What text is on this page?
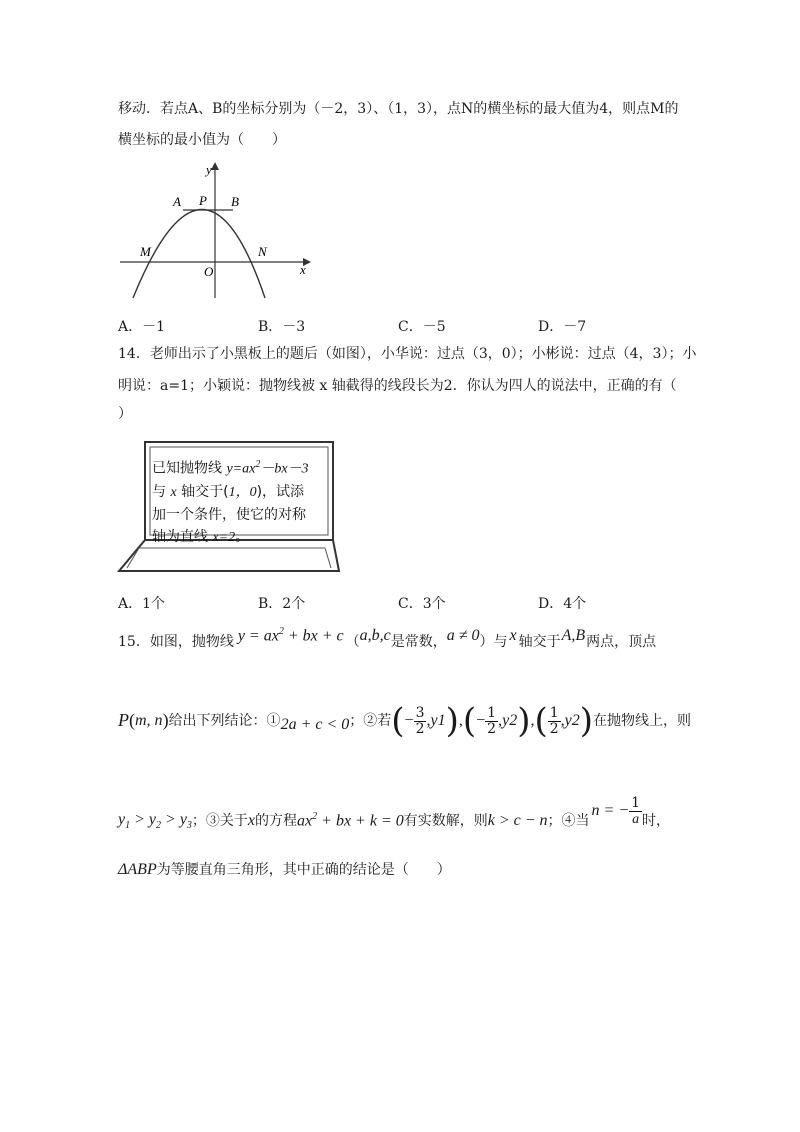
移动．若点A、B的坐标分别为（－2，3）、（1，3），点N的横坐标的最大值为4，则点M的
横坐标的最小值为（　　）
y
x
A P B
M
O
N
A．－1	B．－3	C．－5	D．－7
14．老师出示了小黑板上的题后（如图），小华说：过点（3，0）；小彬说：过点（4，3）；小
明说：a=1；小颖说：抛物线被 x 轴截得的线段长为2．你认为四人的说法中，正确的有（
）
已知抛物线 $y=ax^2-bx-3$
与 x 轴交于(1，0)，试添
加一个条件，使它的对称
轴为直线 x=2。
A．1个	B．2个	C．3个	D．4个
15．如图，抛物线 $y = ax^2$ + bx + c （ a,b,c 是常数， a ≠ 0 ）与 x 轴交于 A,B 两点，顶点
P ( m, n ) 给出下列结论：① 2a + c < 0 ；②若 ( − $\frac{3}{2}$ , y 1 ) , ( − $\frac{1}{2}$ , y 2 ) , ( $\frac{1}{2}$ , y 2 ) 在抛物线上，则
$y_1 > y_2 > y_3$ ；③关于 x 的方程 $ax^2$ + bx + k = 0 有实数解，则 k > c − n ；④当
n = − $\frac{1}{a}$ 时，
ΔABP 为等腰直角三角形，其中正确的结论是（　　）
